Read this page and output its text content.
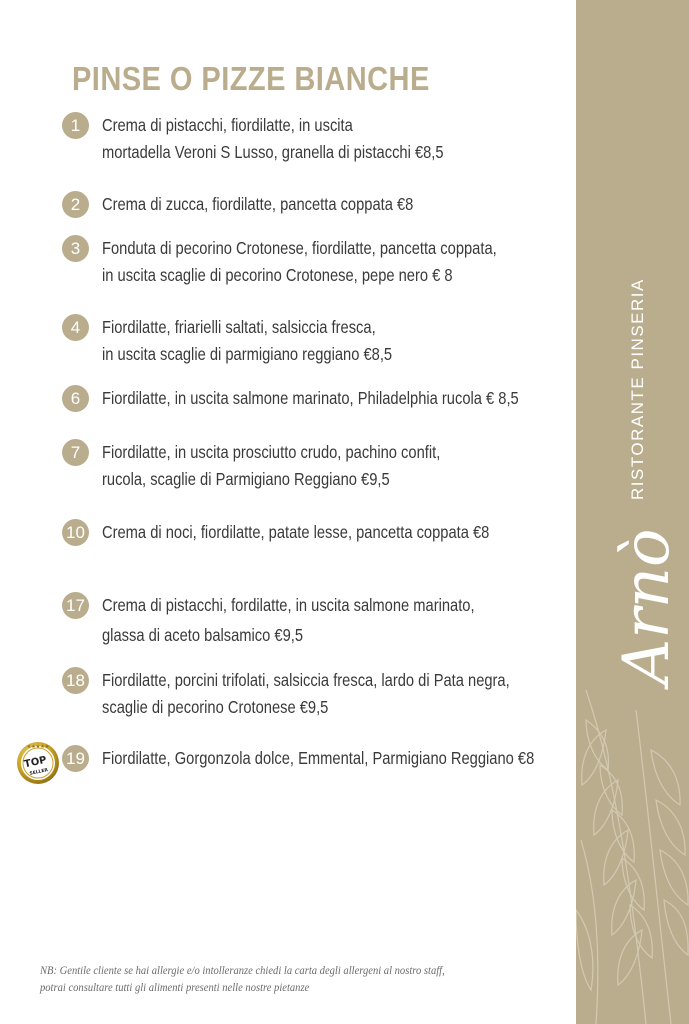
PINSE O PIZZE BIANCHE
1	Crema di pistacchi, fiordilatte, in uscita
mortadella Veroni S Lusso, granella di pistacchi €8,5
2	Crema di zucca, fiordilatte, pancetta coppata €8
3	Fonduta di pecorino Crotonese, fiordilatte, pancetta coppata,
in uscita scaglie di pecorino Crotonese, pepe nero € 8
4	Fiordilatte, friarielli saltati, salsiccia fresca,
in uscita scaglie di parmigiano reggiano €8,5
6	Fiordilatte, in uscita salmone marinato, Philadelphia rucola € 8,5
7	Fiordilatte, in uscita prosciutto crudo, pachino confit,
rucola, scaglie di Parmigiano Reggiano €9,5
10 Crema di noci, fiordilatte, patate lesse, pancetta coppata €8
17 Crema di pistacchi, fordilatte, in uscita salmone marinato,
glassa di aceto balsamico €9,5
18 Fiordilatte, porcini trifolati, salsiccia fresca, lardo di Pata negra,
scaglie di pecorino Crotonese €9,5
19 Fiordilatte, Gorgonzola dolce, Emmental, Parmigiano Reggiano €8
★★★★★
TOP
SELLER
NB: Gentile cliente se hai allergie e/o intolleranze chiedi la carta degli allergeni al nostro staff,
potrai consultare tutti gli alimenti presenti nelle nostre pietanze
Arnò
RISTORANTE PINSERIA
